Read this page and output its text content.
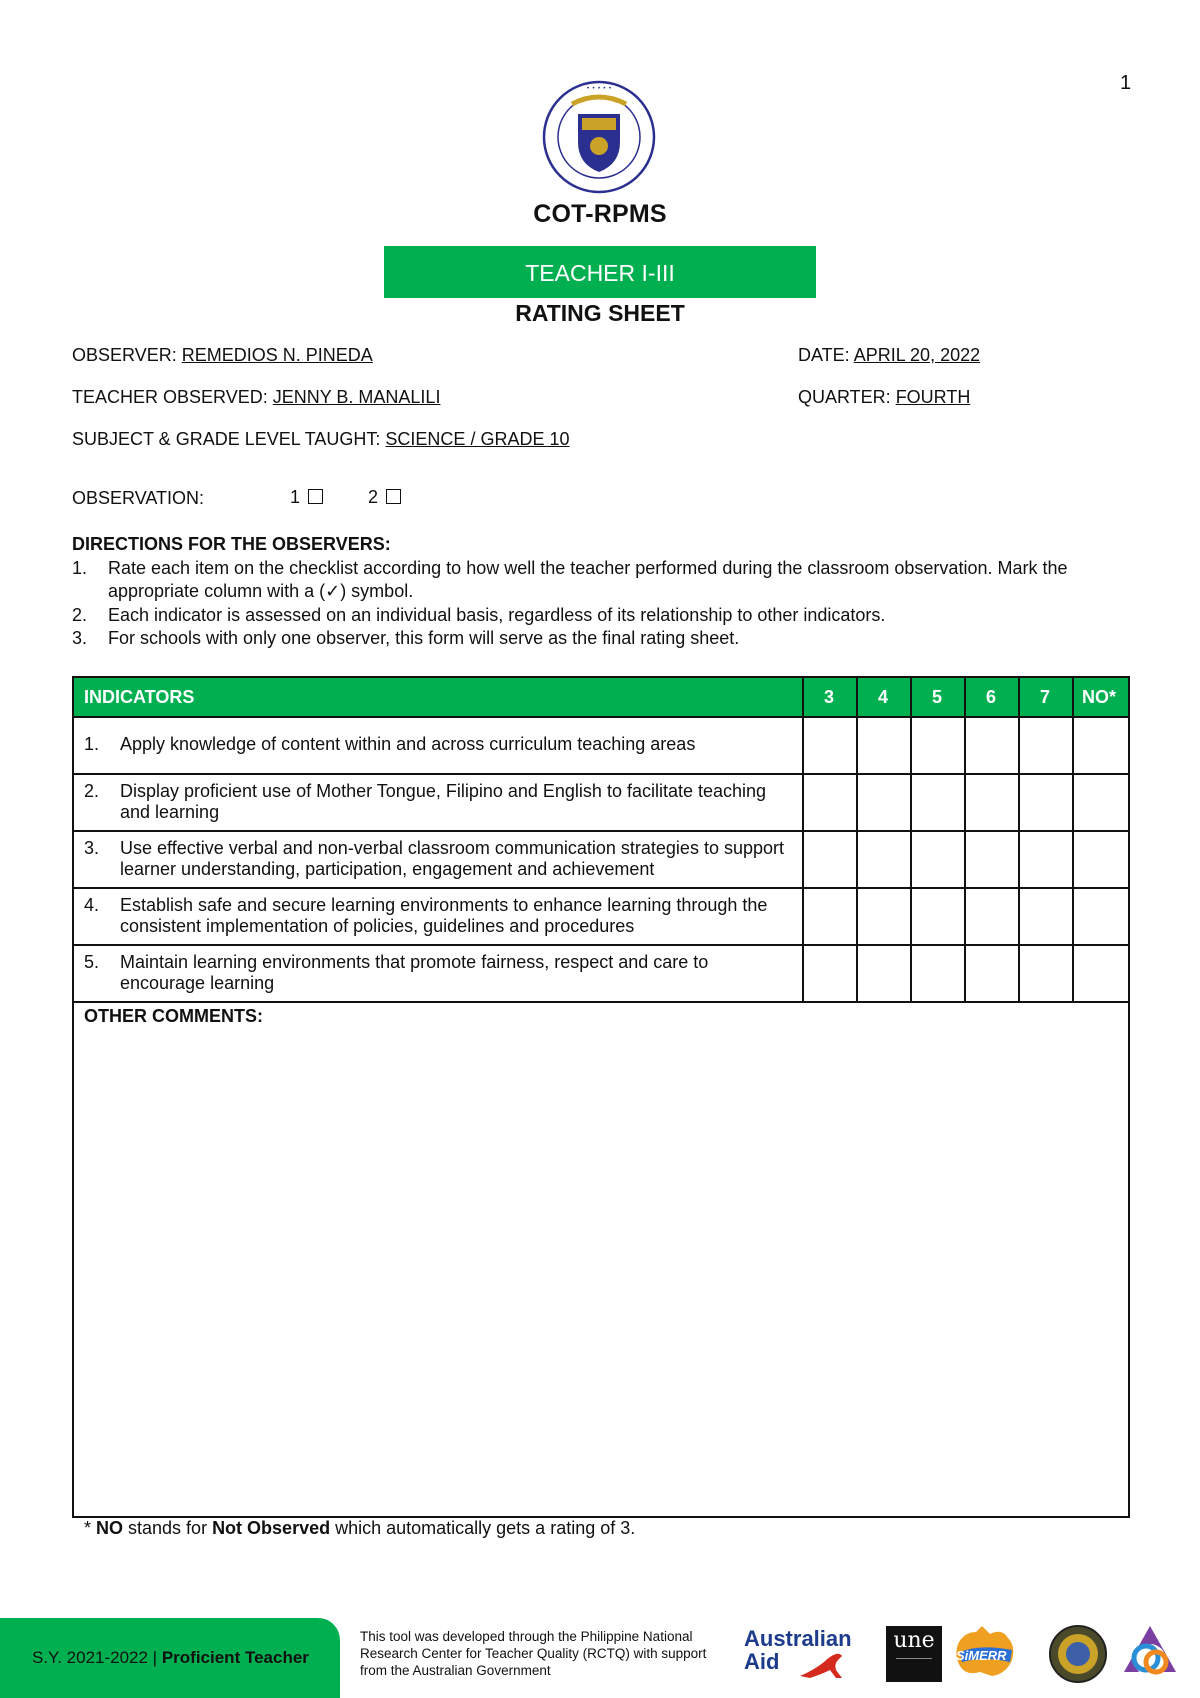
1
• • • • •
COT-RPMS
TEACHER I-III
RATING SHEET
OBSERVER: REMEDIOS N. PINEDA	DATE: APRIL 20, 2022
TEACHER OBSERVED: JENNY B. MANALILI	QUARTER: FOURTH
SUBJECT & GRADE LEVEL TAUGHT: SCIENCE / GRADE 10
OBSERVATION:	1	2
DIRECTIONS FOR THE OBSERVERS:
1. Rate each item on the checklist according to how well the teacher performed during the classroom observation. Mark the appropriate column with a (✓) symbol.
2. Each indicator is assessed on an individual basis, regardless of its relationship to other indicators.
3. For schools with only one observer, this form will serve as the final rating sheet.
INDICATORS	3	4	5	6	7	NO*
1.	Apply knowledge of content within and across curriculum teaching areas
2.	Display proficient use of Mother Tongue, Filipino and English to facilitate teaching and learning
3.	Use effective verbal and non-verbal classroom communication strategies to support learner understanding, participation, engagement and achievement
4.	Establish safe and secure learning environments to enhance learning through the consistent implementation of policies, guidelines and procedures
5.	Maintain learning environments that promote fairness, respect and care to encourage learning
OTHER COMMENTS:
* NO stands for Not Observed which automatically gets a rating of 3.
S.Y. 2021-2022 | Proficient Teacher
This tool was developed through the Philippine National Research Center for Teacher Quality (RCTQ) with support from the Australian Government
Australian
Aid
une
SiMERR
